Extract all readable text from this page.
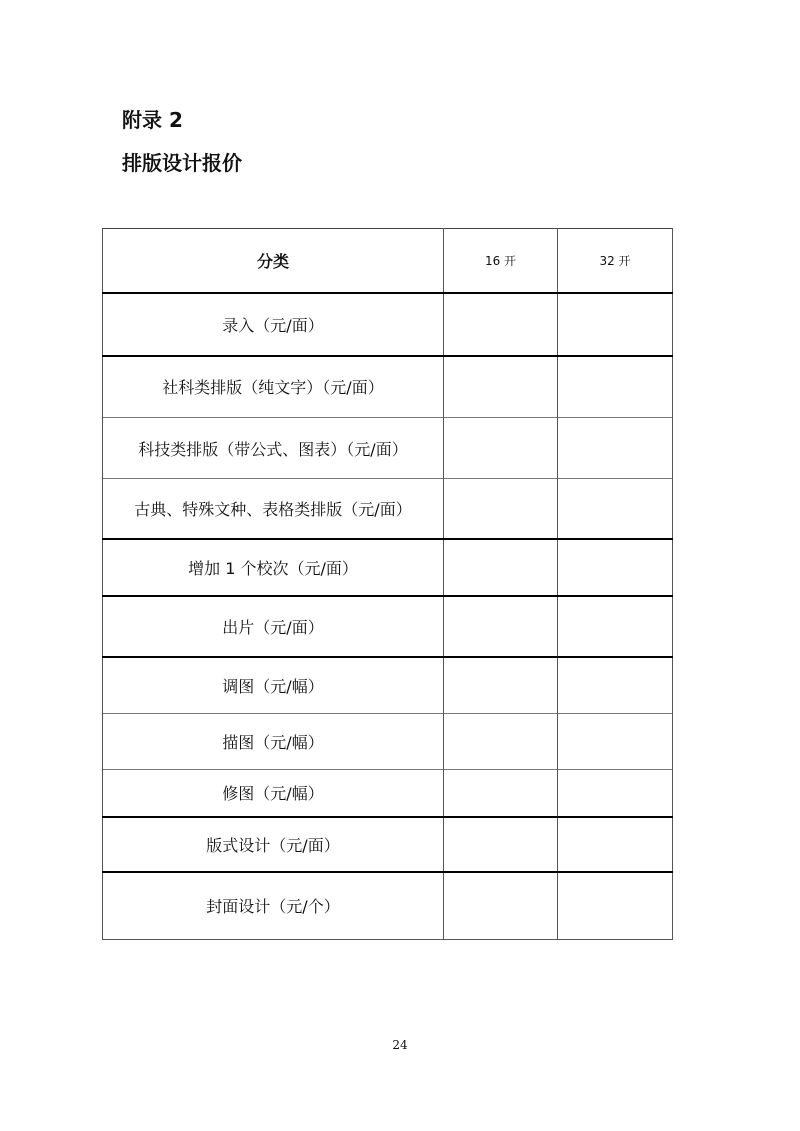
附录 2
排版设计报价
分类	16 开	32 开
录入（元/面）		
社科类排版（纯文字）（元/面）		
科技类排版（带公式、图表）（元/面）		
古典、特殊文种、表格类排版（元/面）		
增加 1 个校次（元/面）		
出片（元/面）		
调图（元/幅）		
描图（元/幅）		
修图（元/幅）		
版式设计（元/面）		
封面设计（元/个）		
24
